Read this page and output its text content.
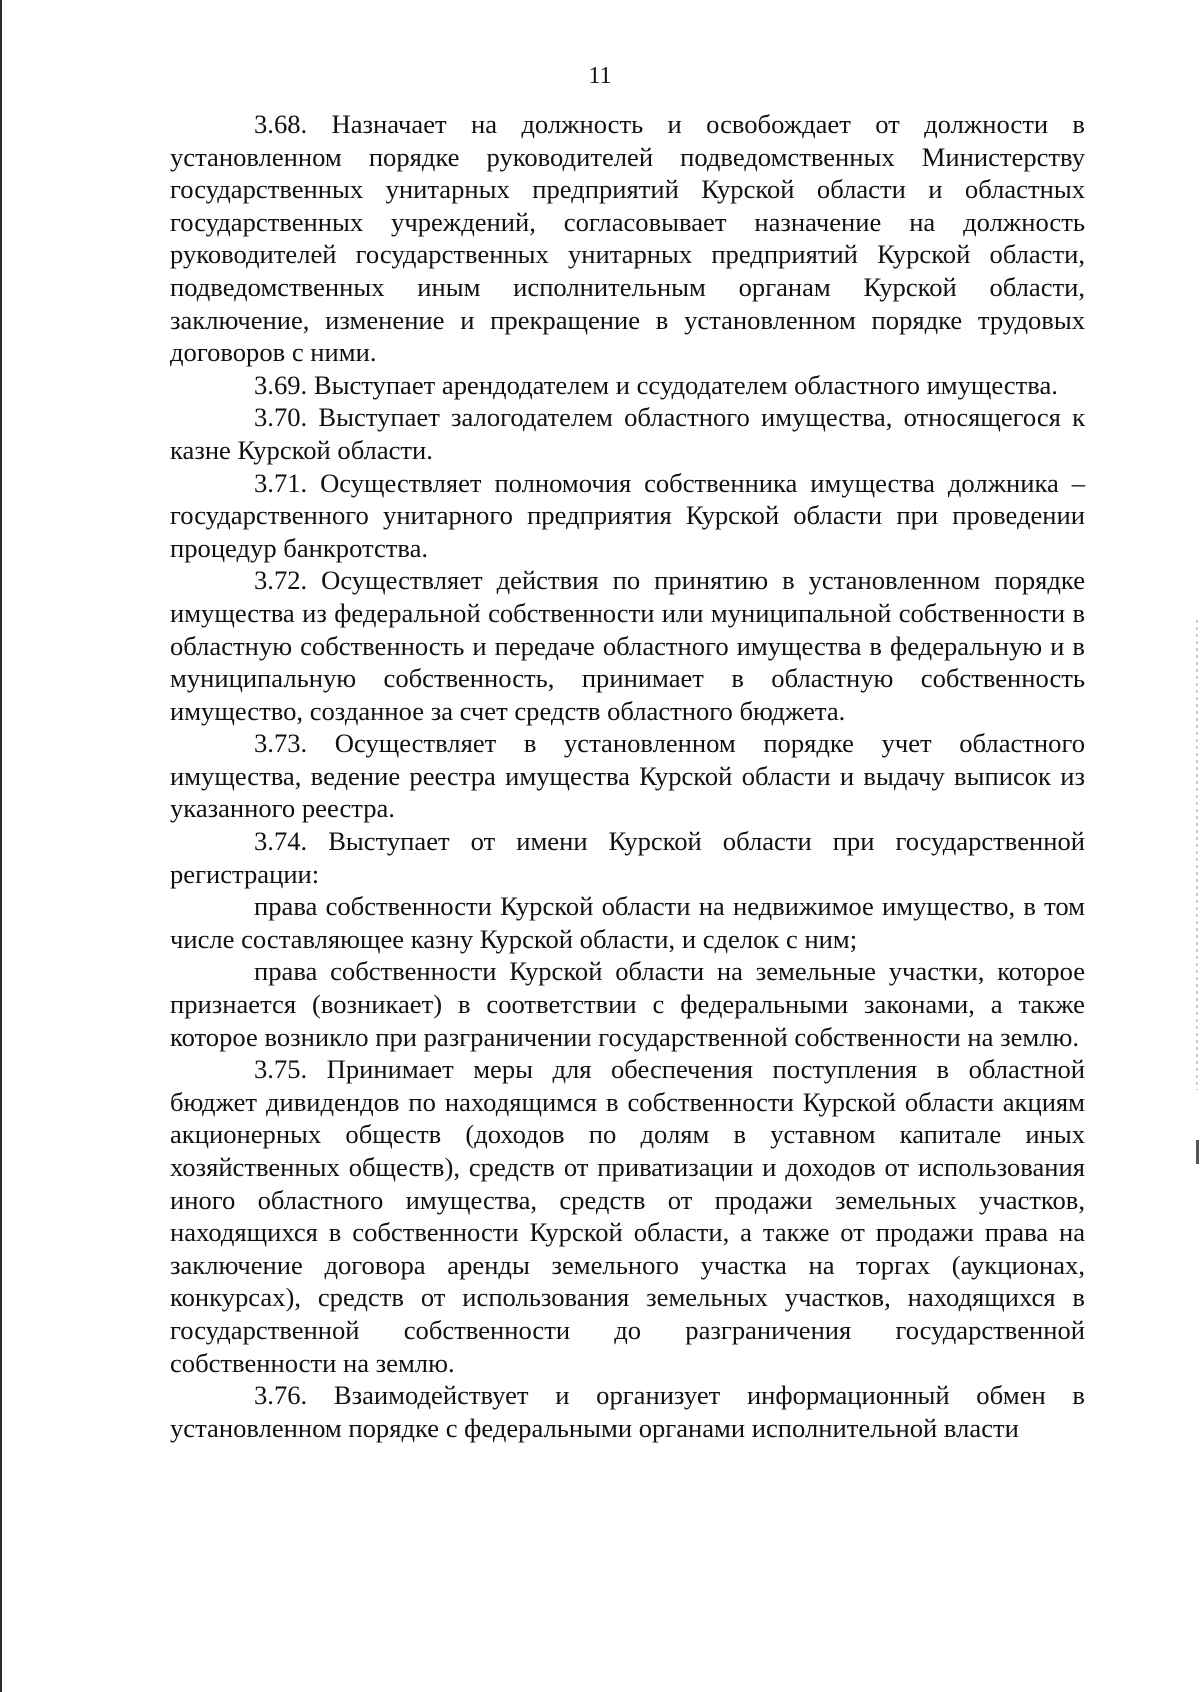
11

3.68. Назначает на должность и освобождает от должности в установленном порядке руководителей подведомственных Министерству государственных унитарных предприятий Курской области и областных государственных учреждений, согласовывает назначение на должность руководителей государственных унитарных предприятий Курской области, подведомственных иным исполнительным органам Курской области, заключение, изменение и прекращение в установленном порядке трудовых договоров с ними.

3.69. Выступает арендодателем и ссудодателем областного имущества.

3.70. Выступает залогодателем областного имущества, относящегося к казне Курской области.

3.71. Осуществляет полномочия собственника имущества должника – государственного унитарного предприятия Курской области при проведении процедур банкротства.

3.72. Осуществляет действия по принятию в установленном порядке имущества из федеральной собственности или муниципальной собственности в областную собственность и передаче областного имущества в федеральную и в муниципальную собственность, принимает в областную собственность имущество, созданное за счет средств областного бюджета.

3.73. Осуществляет в установленном порядке учет областного имущества, ведение реестра имущества Курской области и выдачу выписок из указанного реестра.

3.74. Выступает от имени Курской области при государственной регистрации:

права собственности Курской области на недвижимое имущество, в том числе составляющее казну Курской области, и сделок с ним;

права собственности Курской области на земельные участки, которое признается (возникает) в соответствии с федеральными законами, а также которое возникло при разграничении государственной собственности на землю.

3.75. Принимает меры для обеспечения поступления в областной бюджет дивидендов по находящимся в собственности Курской области акциям акционерных обществ (доходов по долям в уставном капитале иных хозяйственных обществ), средств от приватизации и доходов от использования иного областного имущества, средств от продажи земельных участков, находящихся в собственности Курской области, а также от продажи права на заключение договора аренды земельного участка на торгах (аукционах, конкурсах), средств от использования земельных участков, находящихся в государственной собственности до разграничения государственной собственности на землю.

3.76. Взаимодействует и организует информационный обмен в установленном порядке с федеральными органами исполнительной власти
